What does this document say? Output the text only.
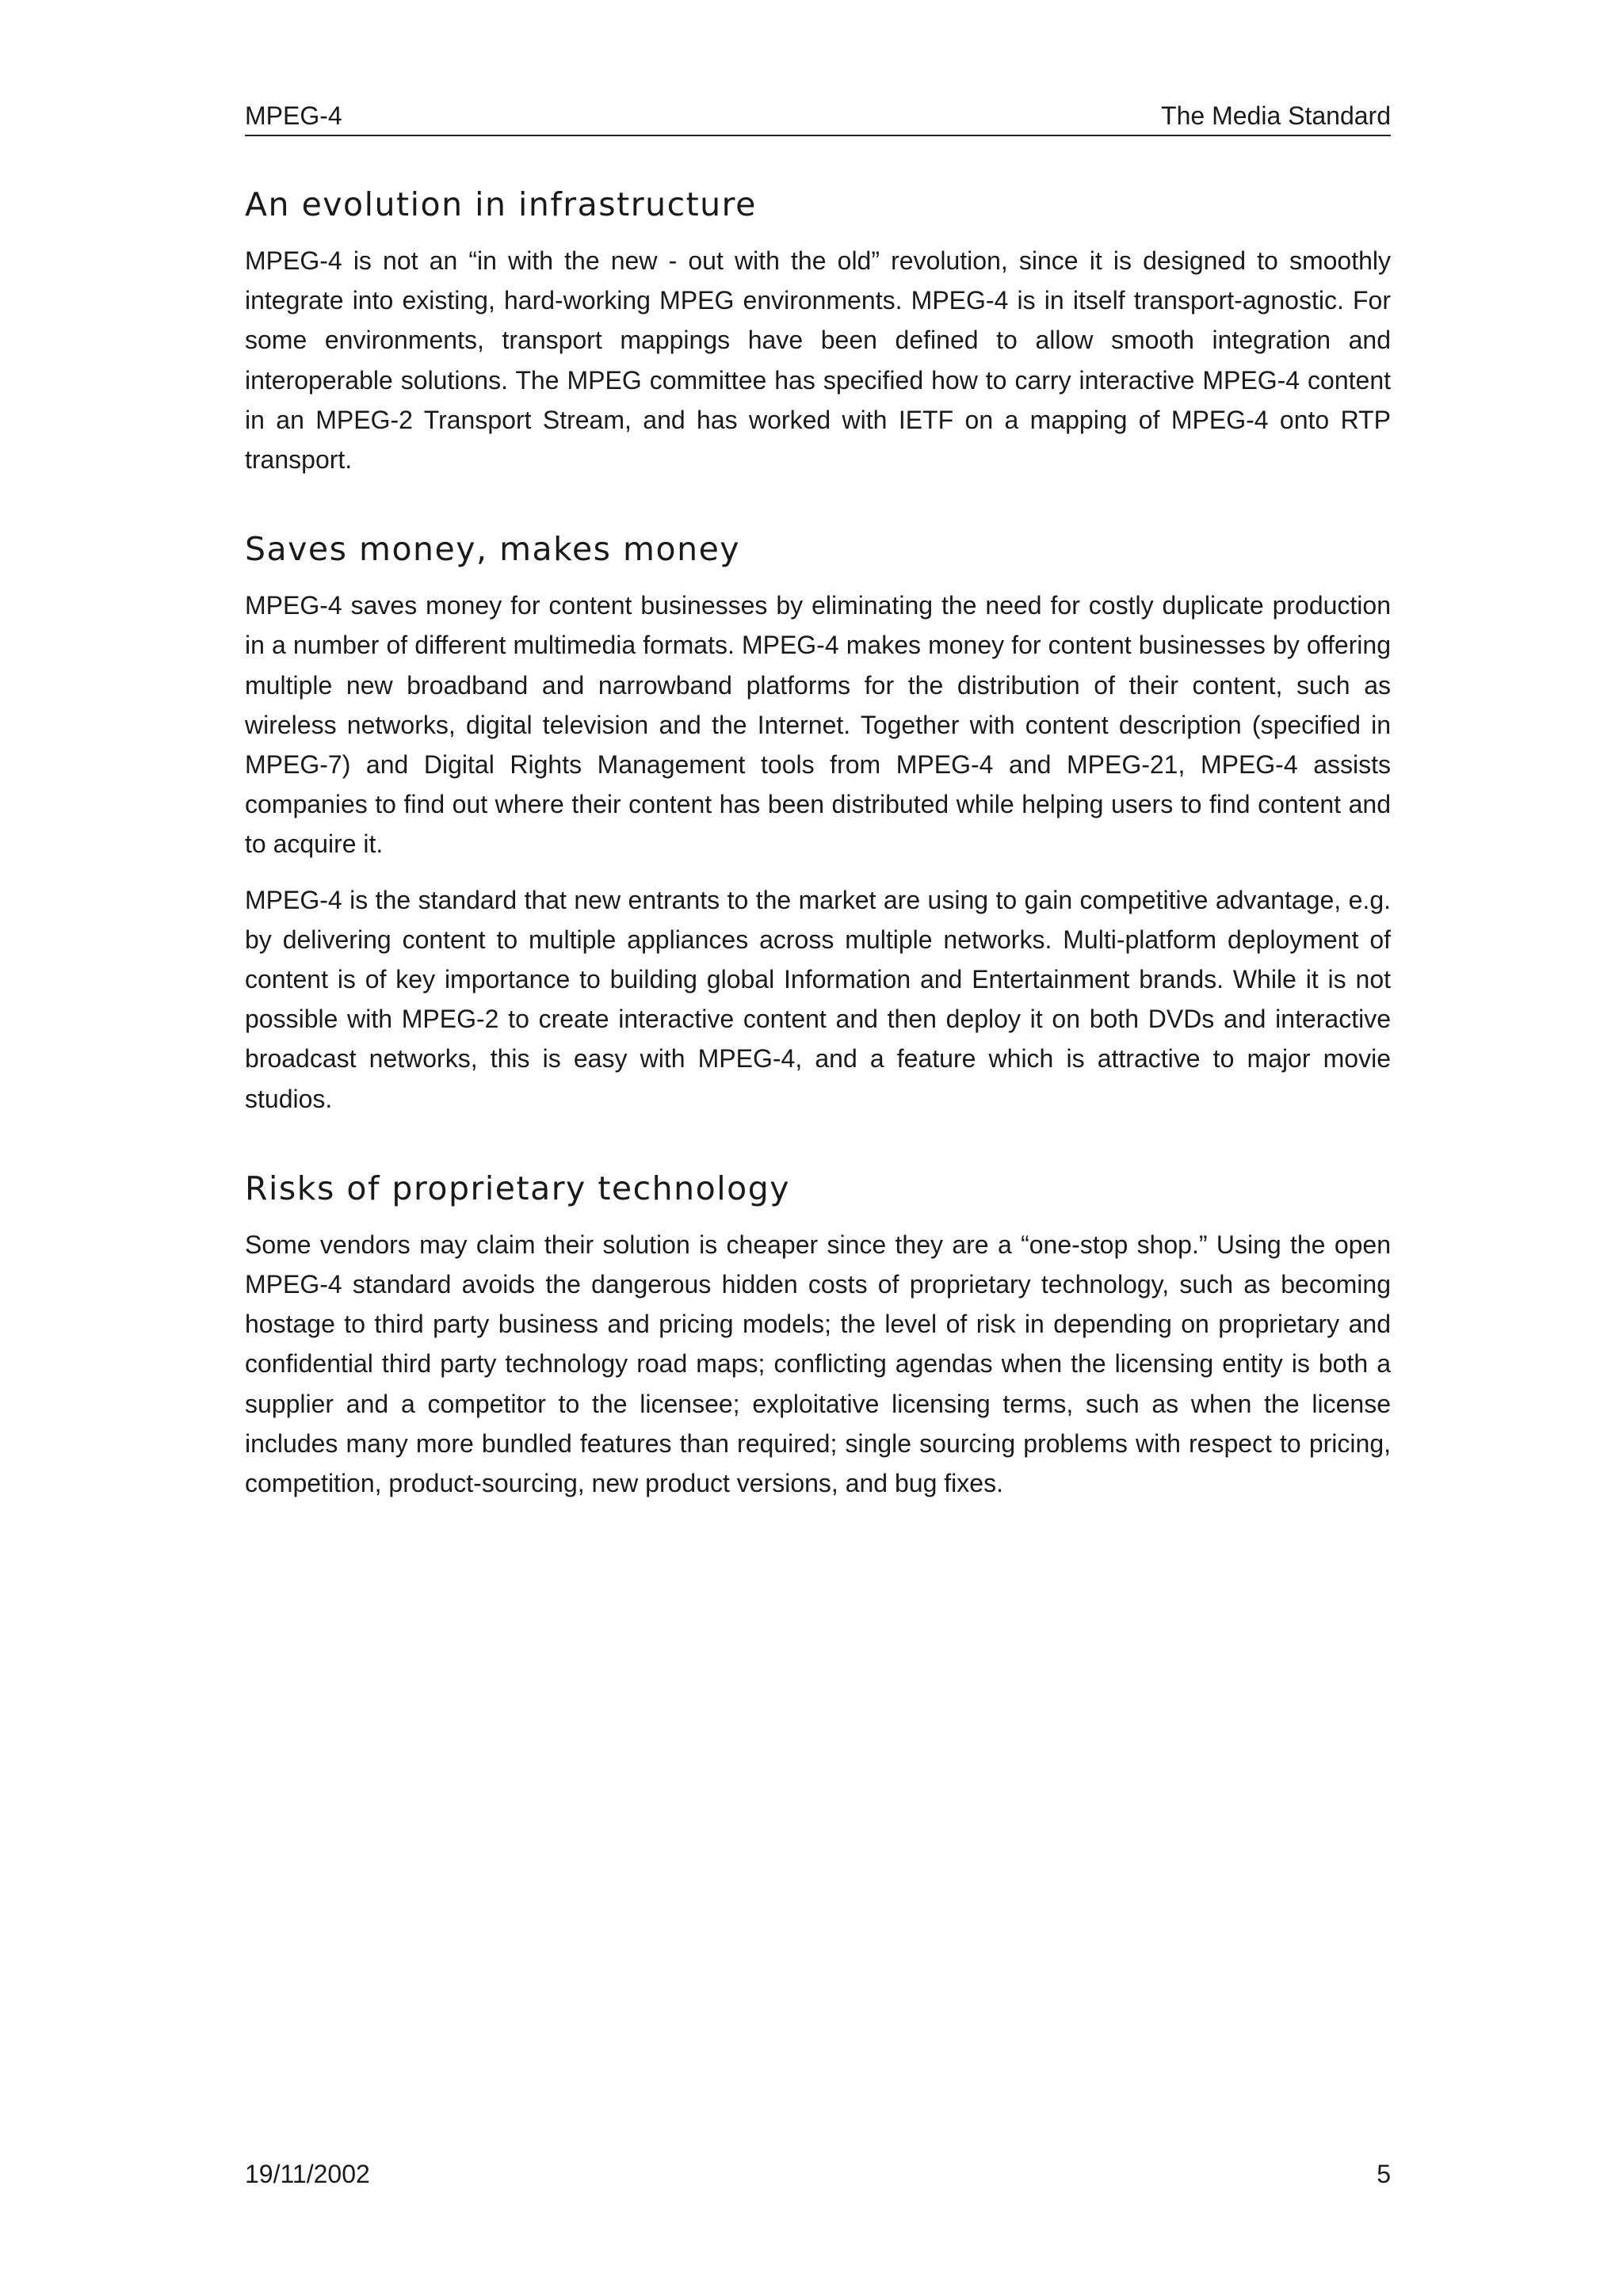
MPEG-4	The Media Standard
An evolution in infrastructure

MPEG-4 is not an “in with the new - out with the old” revolution, since it is designed to smoothly integrate into existing, hard-working MPEG environments. MPEG-4 is in itself transport-agnostic. For some environments, transport mappings have been defined to allow smooth integration and interoperable solutions. The MPEG committee has specified how to carry interactive MPEG-4 content in an MPEG-2 Transport Stream, and has worked with IETF on a mapping of MPEG-4 onto RTP transport.

Saves money, makes money

MPEG-4 saves money for content businesses by eliminating the need for costly duplicate production in a number of different multimedia formats. MPEG-4 makes money for content businesses by offering multiple new broadband and narrowband platforms for the distribution of their content, such as wireless networks, digital television and the Internet. Together with content description (specified in MPEG-7) and Digital Rights Management tools from MPEG-4 and MPEG-21, MPEG-4 assists companies to find out where their content has been distributed while helping users to find content and to acquire it.

MPEG-4 is the standard that new entrants to the market are using to gain competitive advantage, e.g. by delivering content to multiple appliances across multiple networks. Multi-platform deployment of content is of key importance to building global Information and Entertainment brands. While it is not possible with MPEG-2 to create interactive content and then deploy it on both DVDs and interactive broadcast networks, this is easy with MPEG-4, and a feature which is attractive to major movie studios.

Risks of proprietary technology

Some vendors may claim their solution is cheaper since they are a “one-stop shop.” Using the open MPEG-4 standard avoids the dangerous hidden costs of proprietary technology, such as becoming hostage to third party business and pricing models; the level of risk in depending on proprietary and confidential third party technology road maps; conflicting agendas when the licensing entity is both a supplier and a competitor to the licensee; exploitative licensing terms, such as when the license includes many more bundled features than required; single sourcing problems with respect to pricing, competition, product-sourcing, new product versions, and bug fixes.

19/11/2002	5
